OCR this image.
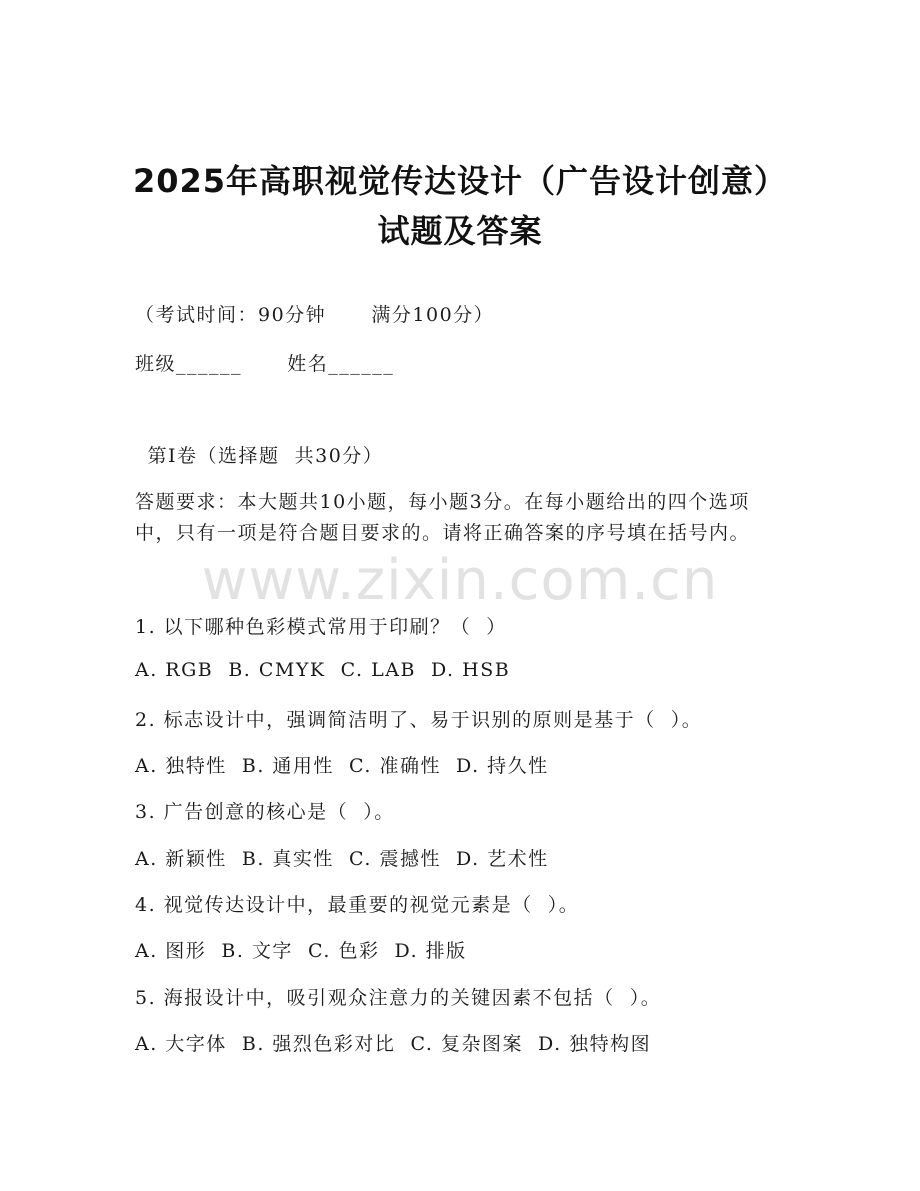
2025年高职视觉传达设计（广告设计创意）
试题及答案
（考试时间：90分钟      满分100分）
班级______      姓名______
第Ⅰ卷（选择题  共30分）
答题要求：本大题共10小题，每小题3分。在每小题给出的四个选项
中，只有一项是符合题目要求的。请将正确答案的序号填在括号内。
www.zixin.com.cn
1. 以下哪种色彩模式常用于印刷？（  ）
A. RGB  B. CMYK  C. LAB  D. HSB
2. 标志设计中，强调简洁明了、易于识别的原则是基于（  ）。
A. 独特性  B. 通用性  C. 准确性  D. 持久性
3. 广告创意的核心是（  ）。
A. 新颖性  B. 真实性  C. 震撼性  D. 艺术性
4. 视觉传达设计中，最重要的视觉元素是（  ）。
A. 图形  B. 文字  C. 色彩  D. 排版
5. 海报设计中，吸引观众注意力的关键因素不包括（  ）。
A. 大字体  B. 强烈色彩对比  C. 复杂图案  D. 独特构图
